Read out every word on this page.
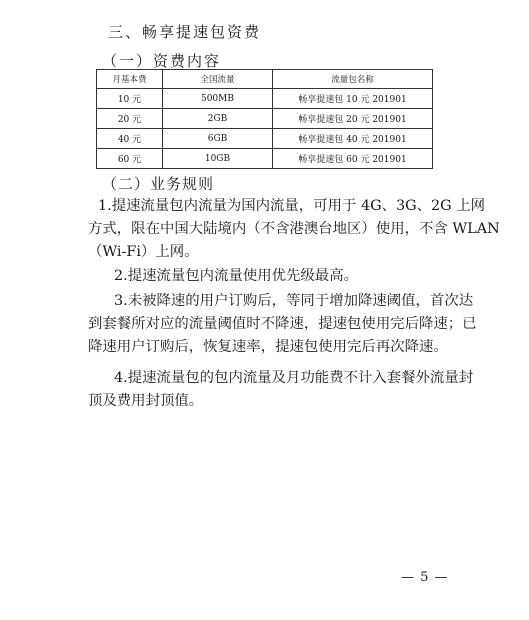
三、畅享提速包资费
（一）资费内容
月基本费	全国流量	流量包名称
10 元	500MB	畅享提速包 10 元 201901
20 元	2GB	畅享提速包 20 元 201901
40 元	6GB	畅享提速包 40 元 201901
60 元	10GB	畅享提速包 60 元 201901
（二）业务规则
1.提速流量包内流量为国内流量，可用于 4G、3G、2G 上网
方式，限在中国大陆境内（不含港澳台地区）使用，不含 WLAN
（Wi-Fi）上网。
2.提速流量包内流量使用优先级最高。
3.未被降速的用户订购后，等同于增加降速阈值，首次达
到套餐所对应的流量阈值时不降速，提速包使用完后降速；已
降速用户订购后，恢复速率，提速包使用完后再次降速。
4.提速流量包的包内流量及月功能费不计入套餐外流量封
顶及费用封顶值。
— 5 —
